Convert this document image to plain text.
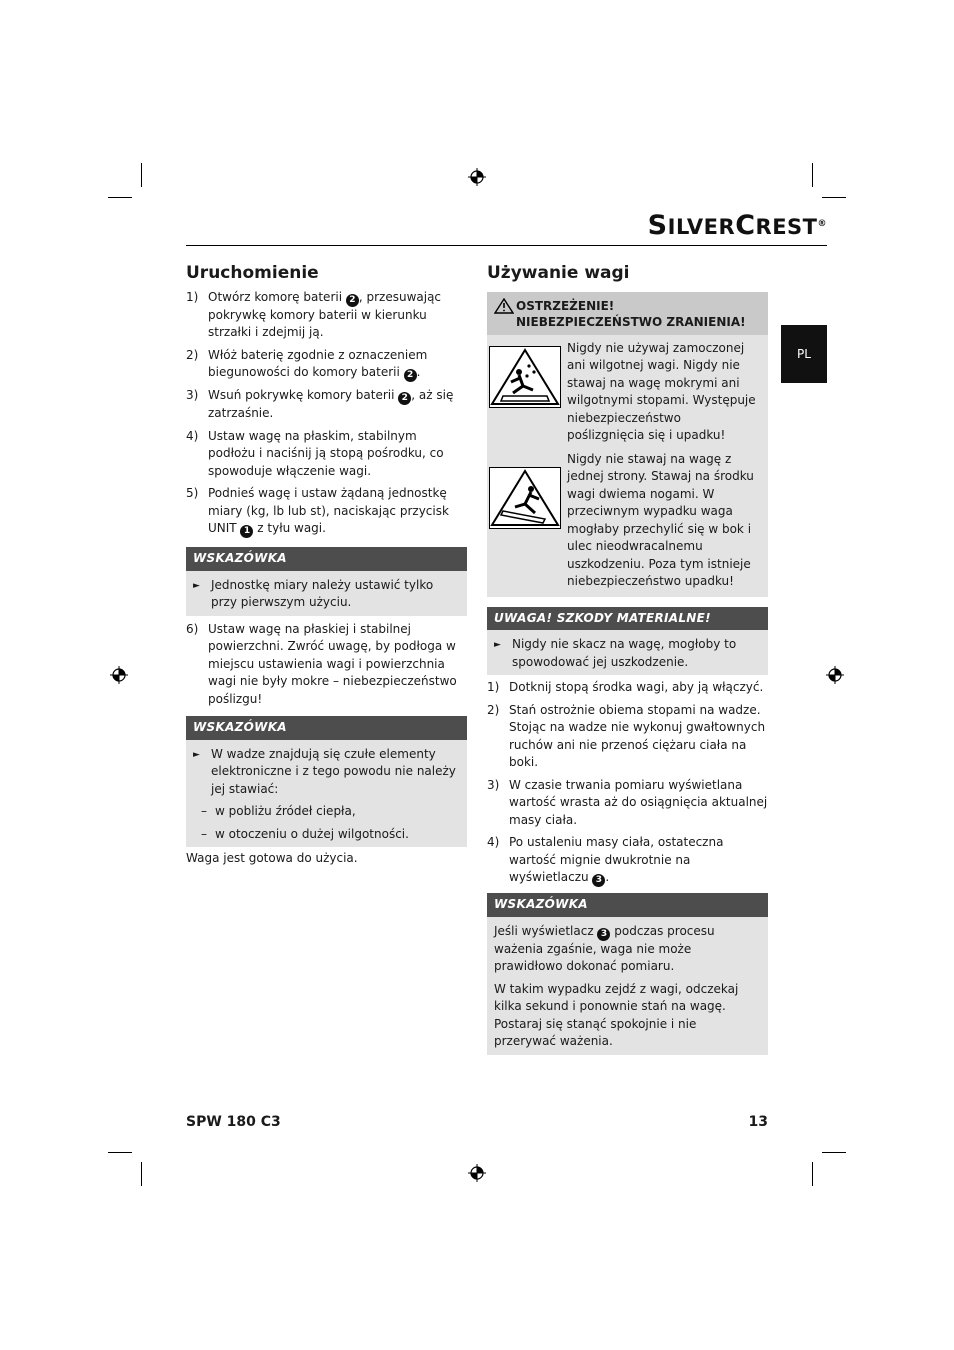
SILVERCREST®
PL
Uruchomienie
1) Otwórz komorę baterii 2 , przesuwając pokrywkę komory baterii w kierunku strzałki i zdejmij ją.
2) Włóż baterię zgodnie z oznaczeniem biegunowości do komory baterii 2 .
3) Wsuń pokrywkę komory baterii 2 , aż się zatrzaśnie.
4) Ustaw wagę na płaskim, stabilnym podłożu i naciśnij ją stopą pośrodku, co spowoduje włączenie wagi.
5) Podnieś wagę i ustaw żądaną jednostkę miary (kg, lb lub st), naciskając przycisk UNIT 1 z tyłu wagi.
WSKAZÓWKA
► Jednostkę miary należy ustawić tylko przy pierwszym użyciu.
6) Ustaw wagę na płaskiej i stabilnej powierzchni. Zwróć uwagę, by podłoga w miejscu ustawienia wagi i powierzchnia wagi nie były mokre – niebezpieczeństwo poślizgu!
WSKAZÓWKA
► W wadze znajdują się czułe elementy elektroniczne i z tego powodu nie należy jej stawiać:
– w pobliżu źródeł ciepła,
– w otoczeniu o dużej wilgotności.
Waga jest gotowa do użycia.
Używanie wagi
OSTRZEŻENIE!
NIEBEZPIECZEŃSTWO ZRANIENIA!
Nigdy nie używaj zamoczonej ani wilgotnej wagi. Nigdy nie stawaj na wagę mokrymi ani wilgotnymi stopami. Występuje niebezpieczeństwo poślizgnięcia się i upadku!
Nigdy nie stawaj na wagę z jednej strony. Stawaj na środku wagi dwiema nogami. W przeciwnym wypadku waga mogłaby przechylić się w bok i ulec nieodwracalnemu uszkodzeniu. Poza tym istnieje niebezpieczeństwo upadku!
UWAGA! SZKODY MATERIALNE!
► Nigdy nie skacz na wagę, mogłoby to spowodować jej uszkodzenie.
1) Dotknij stopą środka wagi, aby ją włączyć.
2) Stań ostrożnie obiema stopami na wadze. Stojąc na wadze nie wykonuj gwałtownych ruchów ani nie przenoś ciężaru ciała na boki.
3) W czasie trwania pomiaru wyświetlana wartość wrasta aż do osiągnięcia aktualnej masy ciała.
4) Po ustaleniu masy ciała, ostateczna wartość mignie dwukrotnie na wyświetlaczu 3 .
WSKAZÓWKA
Jeśli wyświetlacz 3 podczas procesu ważenia zgaśnie, waga nie może prawidłowo dokonać pomiaru.
W takim wypadku zejdź z wagi, odczekaj kilka sekund i ponownie stań na wagę. Postaraj się stanąć spokojnie i nie przerywać ważenia.
SPW 180 C3	13
